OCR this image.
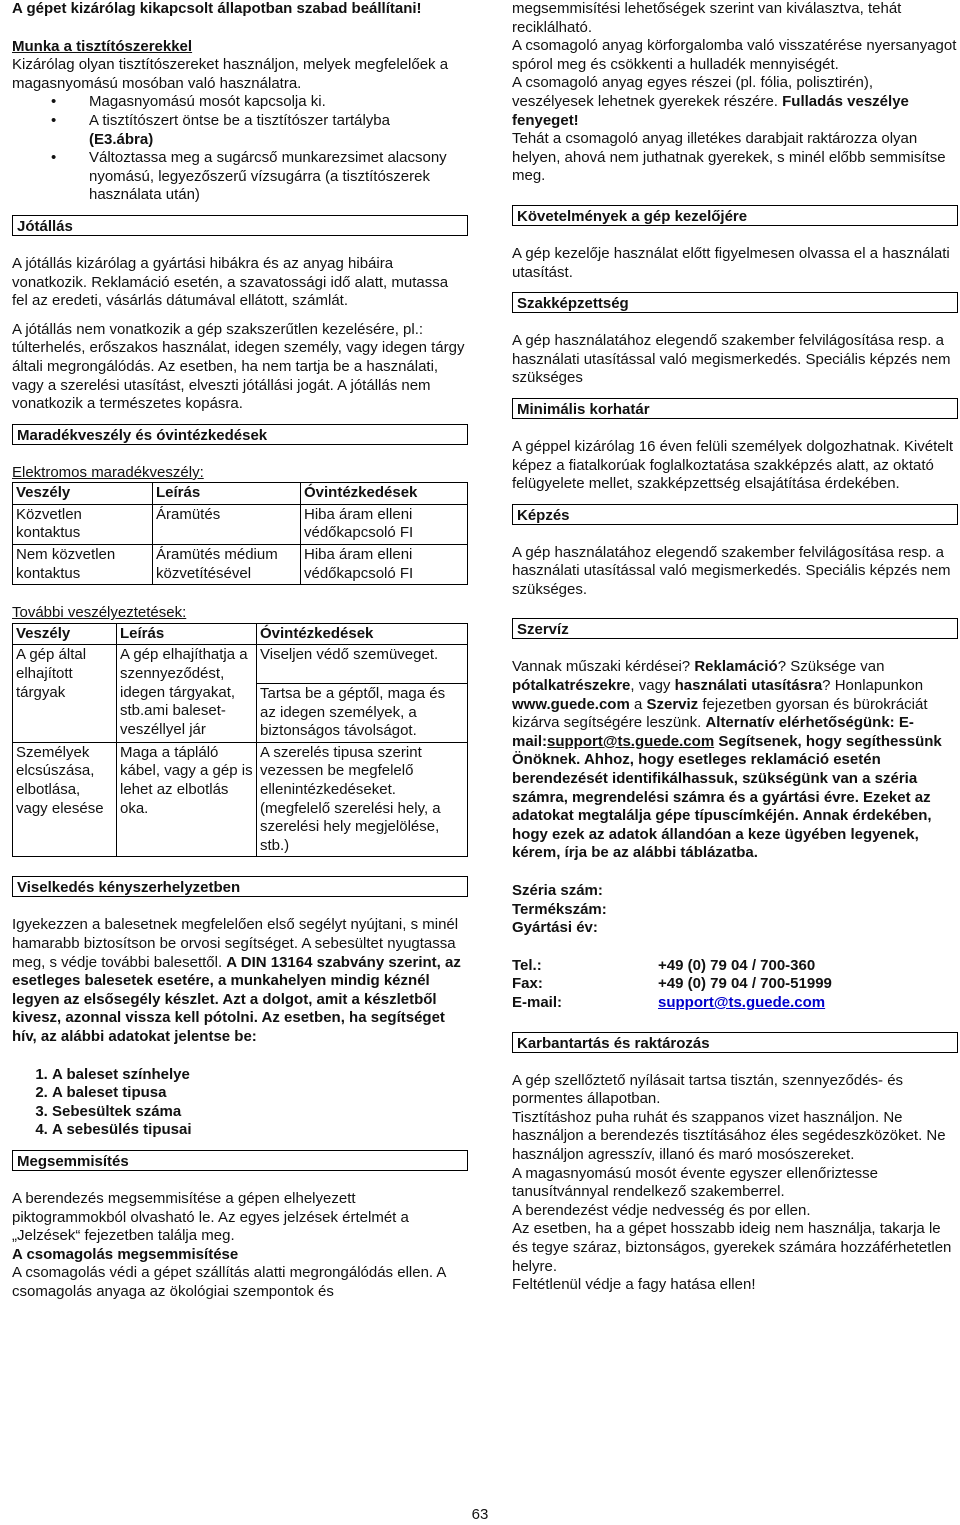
A gépet kizárólag kikapcsolt állapotban szabad beállítani!

Munka a tisztítószerekkel

Kizárólag olyan tisztítószereket használjon, melyek megfelelőek a magasnyomású mosóban való használatra.

• Magasnyomású mosót kapcsolja ki.
• A tisztítószert öntse be a tisztítószer tartályba
(E3.ábra)
• Változtassa meg a sugárcső munkarezsimet alacsony nyomású, legyezőszerű vízsugárra (a tisztítószerek használata után)
Jótállás

A jótállás kizárólag a gyártási hibákra és az anyag hibáira vonatkozik. Reklamáció esetén, a szavatossági idő alatt, mutassa fel az eredeti, vásárlás dátumával ellátott, számlát.

A jótállás nem vonatkozik a gép szakszerűtlen kezelésére, pl.: túlterhelés, erőszakos használat, idegen személy, vagy idegen tárgy általi megrongálódás. Az esetben, ha nem tartja be a használati, vagy a szerelési utasítást, elveszti jótállási jogát. A jótállás nem vonatkozik a természetes kopásra.

Maradékveszély és óvintézkedések

Elektromos maradékveszély:

Veszély	Leírás	Óvintézkedések
Közvetlen kontaktus	Áramütés	Hiba áram elleni védőkapcsoló FI
Nem közvetlen kontaktus	Áramütés médium közvetítésével	Hiba áram elleni védőkapcsoló FI

További veszélyeztetések:

Veszély	Leírás	Óvintézkedések
A gép által elhajított tárgyak	A gép elhajíthatja a szennyeződést, idegen tárgyakat, stb.ami baleset-veszéllyel jár	Viseljen védő szemüveget.
Tartsa be a géptől, maga és az idegen személyek, a biztonságos távolságot.

Személyek elcsúszása, elbotlása, vagy elesése	Maga a tápláló kábel, vagy a gép is lehet az elbotlás oka.	A szerelés tipusa szerint vezessen be megfelelő ellenintézkedéseket. (megfelelő szerelési hely, a szerelési hely megjelölése, stb.)
Viselkedés kényszerhelyzetben

Igyekezzen a balesetnek megfelelően első segélyt nyújtani, s minél hamarabb biztosítson be orvosi segítséget. A sebesültet nyugtassa meg, s védje további balesettől. A DIN 13164 szabvány szerint, az esetleges balesetek esetére, a munkahelyen mindig kéznél legyen az elsősegély készlet. Azt a dolgot, amit a készletből kivesz, azonnal vissza kell pótolni. Az esetben, ha segítséget hív, az alábbi adatokat jelentse be:

1. A baleset színhelye
2. A baleset tipusa
3. Sebesültek száma
4. A sebesülés tipusai
Megsemmisítés

A berendezés megsemmisítése a gépen elhelyezett piktogrammokból olvasható le. Az egyes jelzések értelmét a „Jelzések“ fejezetben találja meg.

A csomagolás megsemmisítése

A csomagolás védi a gépet szállítás alatti megrongálódás ellen. A csomagolás anyaga az ökológiai szempontok és

megsemmisítési lehetőségek szerint van kiválasztva, tehát reciklálható.

A csomagoló anyag körforgalomba való visszatérése nyersanyagot spórol meg és csökkenti a hulladék mennyiségét.

A csomagoló anyag egyes részei (pl. fólia, polisztirén), veszélyesek lehetnek gyerekek részére. Fulladás veszélye fenyeget!

Tehát a csomagoló anyag illetékes darabjait raktározza olyan helyen, ahová nem juthatnak gyerekek, s minél előbb semmisítse meg.

Követelmények a gép kezelőjére

A gép kezelője használat előtt figyelmesen olvassa el a használati utasítást.

Szakképzettség

A gép használatához elegendő szakember felvilágosítása resp. a használati utasítással való megismerkedés. Speciális képzés nem szükséges

Minimális korhatár

A géppel kizárólag 16 éven felüli személyek dolgozhatnak. Kivételt képez a fiatalkorúak foglalkoztatása szakképzés alatt, az oktató felügyelete mellet, szakképzettség elsajátítása érdekében.

Képzés

A gép használatához elegendő szakember felvilágosítása resp. a használati utasítással való megismerkedés. Speciális képzés nem szükséges.

Szervíz

Vannak műszaki kérdései? Reklamáció? Szüksége van pótalkatrészekre, vagy használati utasításra? Honlapunkon www.guede.com a Szerviz fejezetben gyorsan és bürokráciát kizárva segítségére leszünk. Alternatív elérhetőségünk: E-mail:support@ts.guede.com Segítsenek, hogy segíthessünk Önöknek. Ahhoz, hogy esetleges reklamáció esetén berendezését identifikálhassuk, szükségünk van a széria számra, megrendelési számra és a gyártási évre. Ezeket az adatokat megtalálja gépe típuscímkéjén. Annak érdekében, hogy ezek az adatok állandóan a keze ügyében legyenek, kérem, írja be az alábbi táblázatba.

Széria szám:

Termékszám:

Gyártási év:

Tel.:	+49 (0) 79 04 / 700-360
Fax:	+49 (0) 79 04 / 700-51999
E-mail:	support@ts.guede.com
Karbantartás és raktározás

A gép szellőztető nyílásait tartsa tisztán, szennyeződés- és pormentes állapotban.

Tisztításhoz puha ruhát és szappanos vizet használjon. Ne használjon a berendezés tisztításához éles segédeszközöket. Ne használjon agresszív, illanó és maró mosószereket.

A magasnyomású mosót évente egyszer ellenőriztesse tanusítvánnyal rendelkező szakemberrel.

A berendezést védje nedvesség és por ellen.

Az esetben, ha a gépet hosszabb ideig nem használja, takarja le és tegye száraz, biztonságos, gyerekek számára hozzáférhetetlen helyre.

Feltétlenül védje a fagy hatása ellen!

63
